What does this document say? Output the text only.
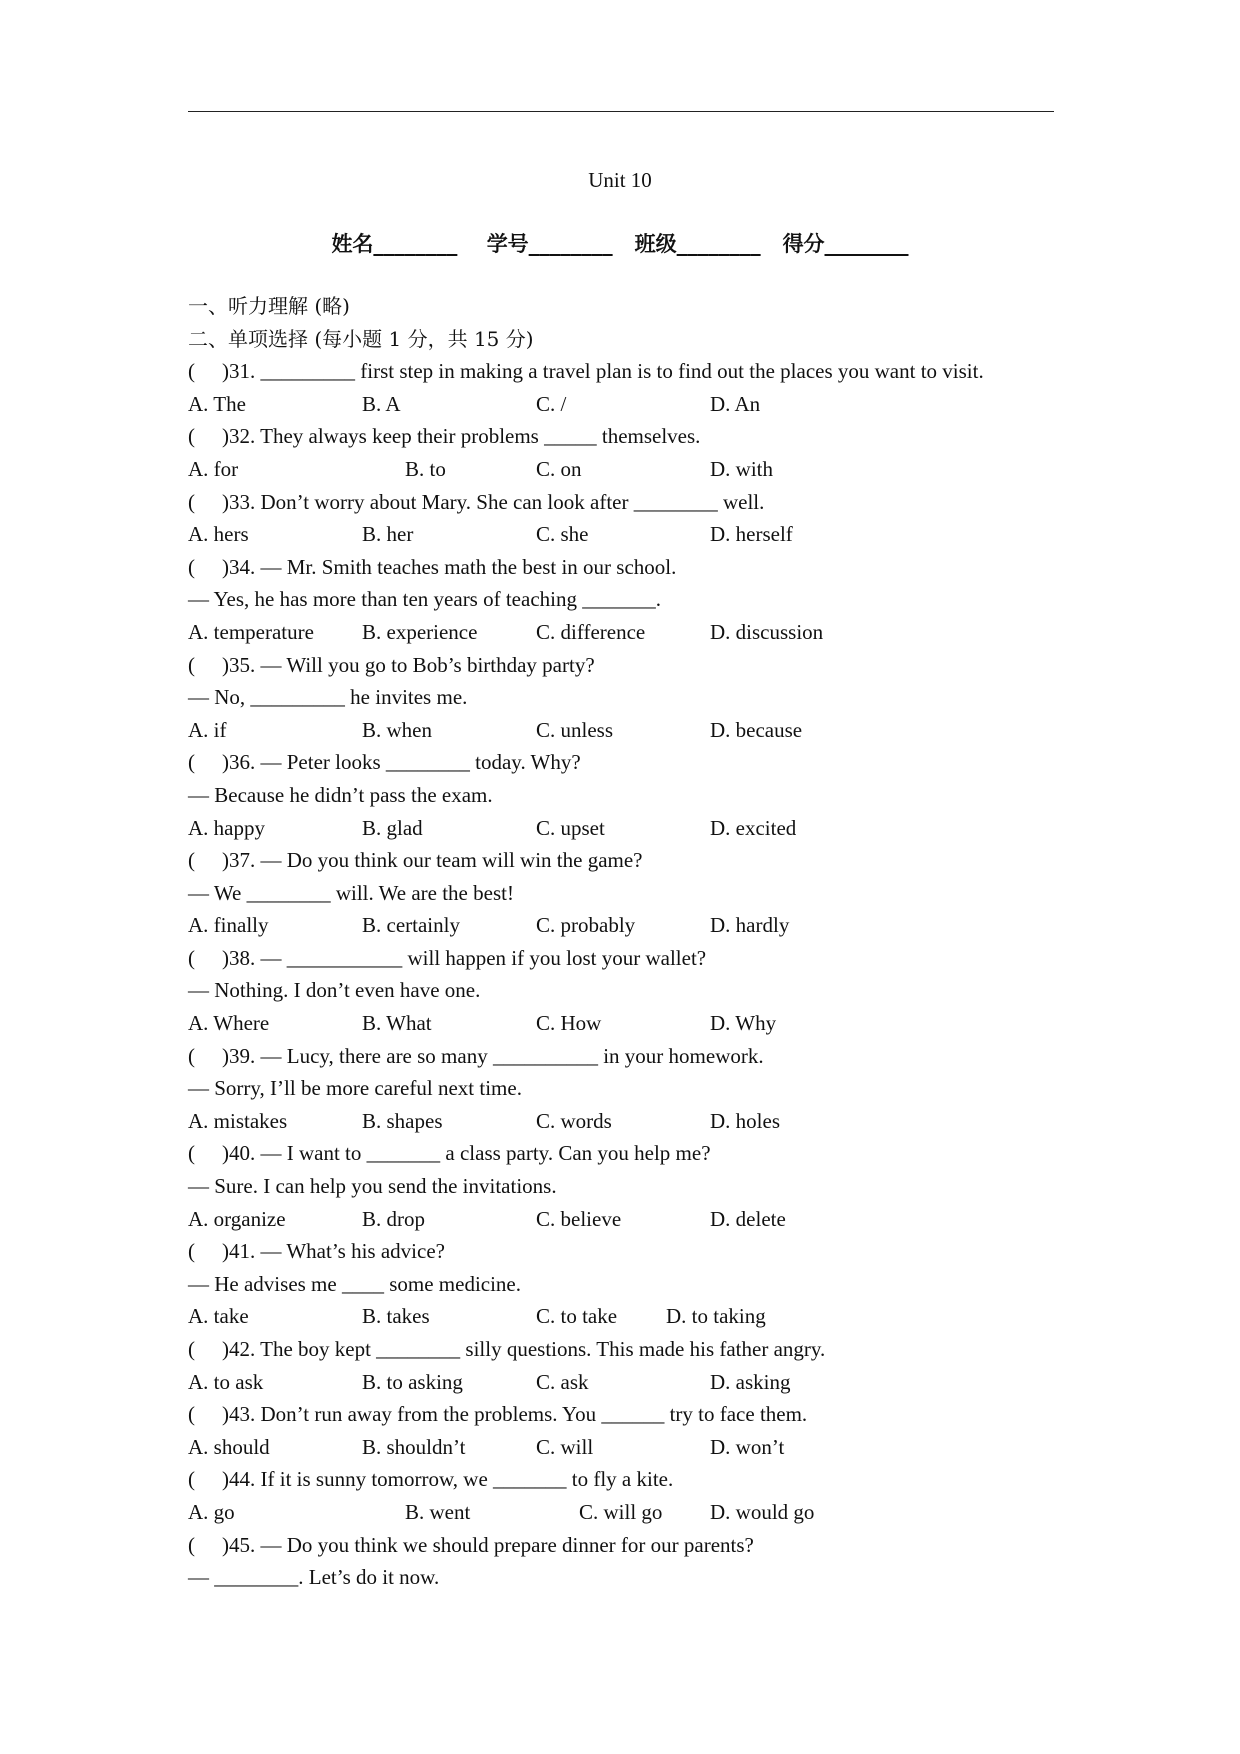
Unit 10
姓名________ 学号________ 班级________ 得分________
一、听力理解 (略)
二、单项选择 (每小题 1 分，共 15 分)
( )31. _________ first step in making a travel plan is to find out the places you want to visit.
A. The	B. A	C. /	D. An
( )32. They always keep their problems _____ themselves.
A. for	B. to	C. on	D. with
( )33. Don’t worry about Mary. She can look after ________ well.
A. hers	B. her	C. she	D. herself
( )34. — Mr. Smith teaches math the best in our school.
— Yes, he has more than ten years of teaching _______.
A. temperature B. experience	C. difference	D. discussion
( )35. — Will you go to Bob’s birthday party?
— No, _________ he invites me.
A. if	B. when	C. unless	D. because
( )36. — Peter looks ________ today. Why?
— Because he didn’t pass the exam.
A. happy	B. glad	C. upset	D. excited
( )37. — Do you think our team will win the game?
— We ________ will. We are the best!
A. finally	B. certainly	C. probably	D. hardly
( )38. — ___________ will happen if you lost your wallet?
— Nothing. I don’t even have one.
A. Where	B. What	C. How	D. Why
( )39. — Lucy, there are so many __________ in your homework.
— Sorry, I’ll be more careful next time.
A. mistakes	B. shapes	C. words	D. holes
( )40. — I want to _______ a class party. Can you help me?
— Sure. I can help you send the invitations.
A. organize	B. drop	C. believe	D. delete
( )41. — What’s his advice?
— He advises me ____ some medicine.
A. take	B. takes	C. to take D. to taking
( )42. The boy kept ________ silly questions. This made his father angry.
A. to ask	B. to asking	C. ask	D. asking
( )43. Don’t run away from the problems. You ______ try to face them.
A. should	B. shouldn’t	C. will	D. won’t
( )44. If it is sunny tomorrow, we _______ to fly a kite.
A. go	B. went	C. will go D. would go
( )45. — Do you think we should prepare dinner for our parents?
— ________. Let’s do it now.
